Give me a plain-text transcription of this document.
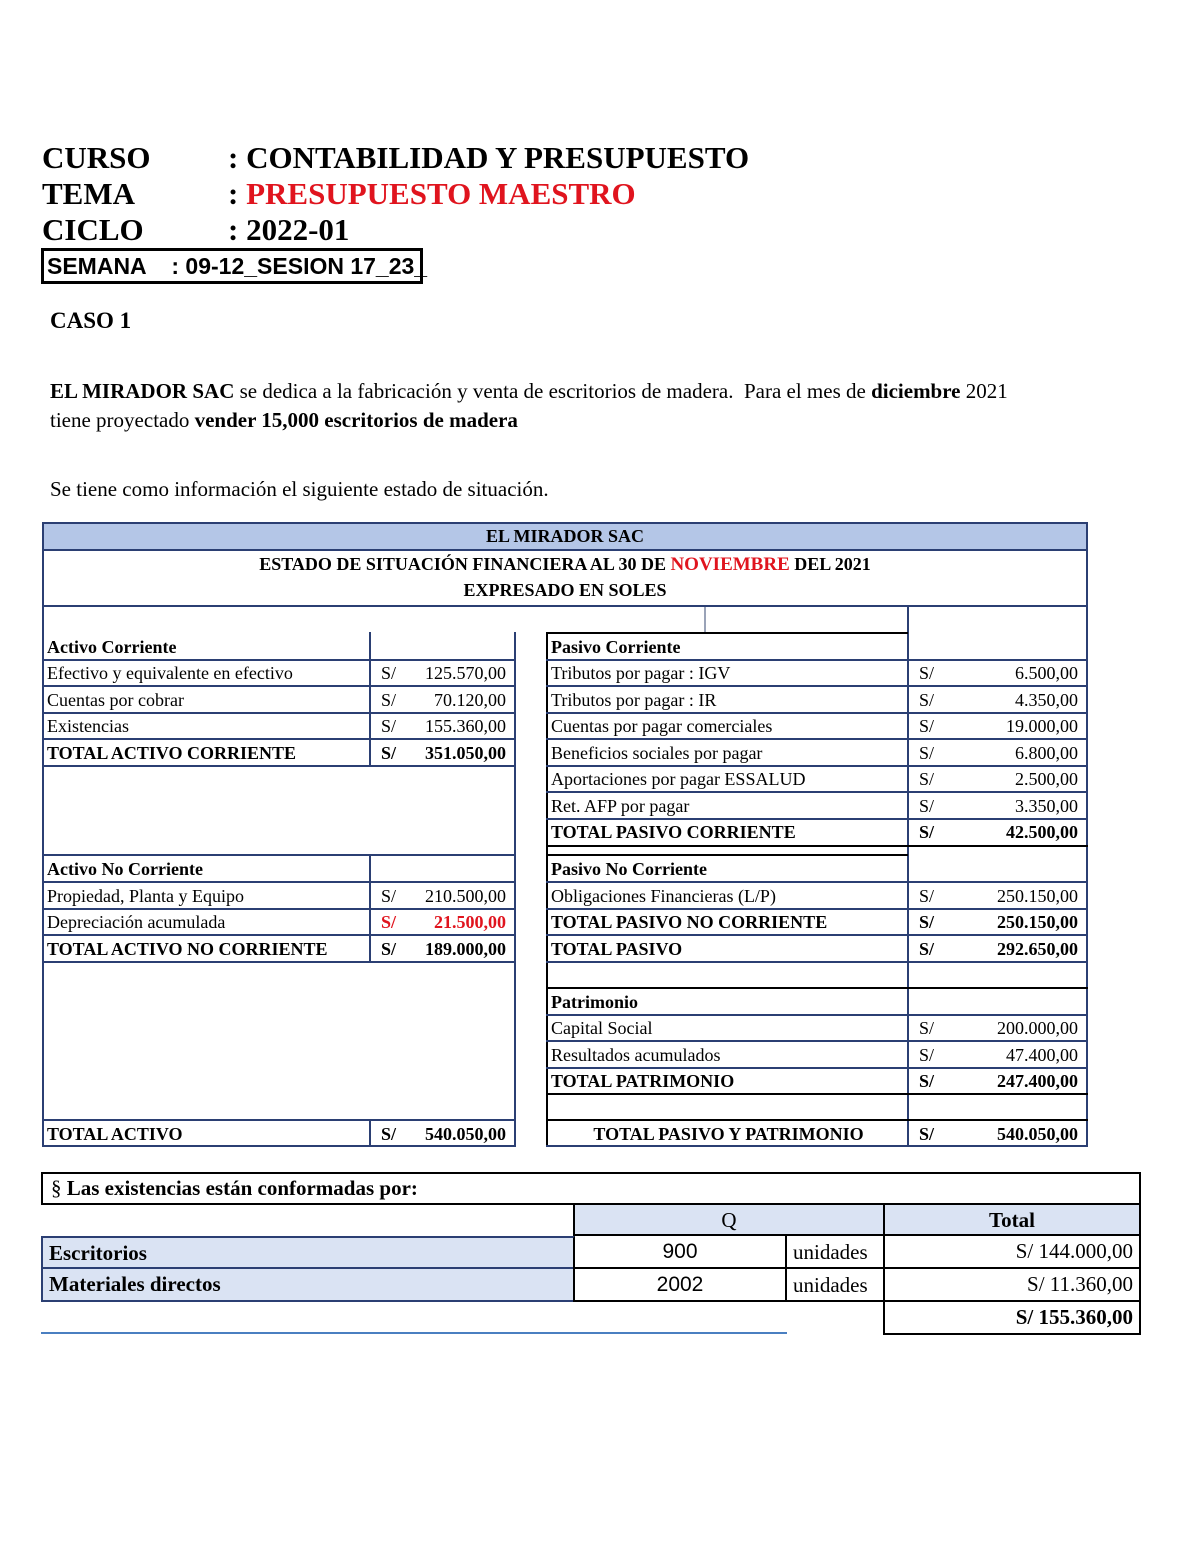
CURSO : CONTABILIDAD Y PRESUPUESTO
TEMA	: PRESUPUESTO MAESTRO
CICLO	: 2022-01
SEMANA    : 09-12_SESION 17_23_
CASO 1
EL MIRADOR SAC se dedica a la fabricación y venta de escritorios de madera.  Para el mes de diciembre 2021
tiene proyectado vender 15,000 escritorios de madera
Se tiene como información el siguiente estado de situación.
EL MIRADOR SAC
ESTADO DE SITUACIÓN FINANCIERA AL 30 DE NOVIEMBRE DEL 2021
EXPRESADO EN SOLES
Activo Corriente
Efectivo y equivalente en efectivo	S/	125.570,00
Cuentas por cobrar	S/	70.120,00
Existencias	S/	155.360,00
TOTAL ACTIVO CORRIENTE	S/	351.050,00
Activo No Corriente
Propiedad, Planta y Equipo	S/	210.500,00
Depreciación acumulada	S/	21.500,00
TOTAL ACTIVO NO CORRIENTE	S/	189.000,00
TOTAL ACTIVO	S/	540.050,00
Pasivo Corriente
Tributos por pagar : IGV	S/	6.500,00
Tributos por pagar : IR	S/	4.350,00
Cuentas por pagar comerciales	S/	19.000,00
Beneficios sociales por pagar	S/	6.800,00
Aportaciones por pagar ESSALUD	S/	2.500,00
Ret. AFP por pagar	S/	3.350,00
TOTAL PASIVO CORRIENTE	S/	42.500,00
Pasivo No Corriente
Obligaciones Financieras (L/P)	S/	250.150,00
TOTAL PASIVO NO CORRIENTE	S/	250.150,00
TOTAL PASIVO	S/	292.650,00
Patrimonio
Capital Social	S/	200.000,00
Resultados acumulados	S/	47.400,00
TOTAL PATRIMONIO	S/	247.400,00
TOTAL PASIVO Y PATRIMONIO	S/	540.050,00
§ Las existencias están conformadas por:
Q	Total
Escritorios	900	unidades	S/ 144.000,00
Materiales directos	2002	unidades	S/ 11.360,00
S/ 155.360,00
